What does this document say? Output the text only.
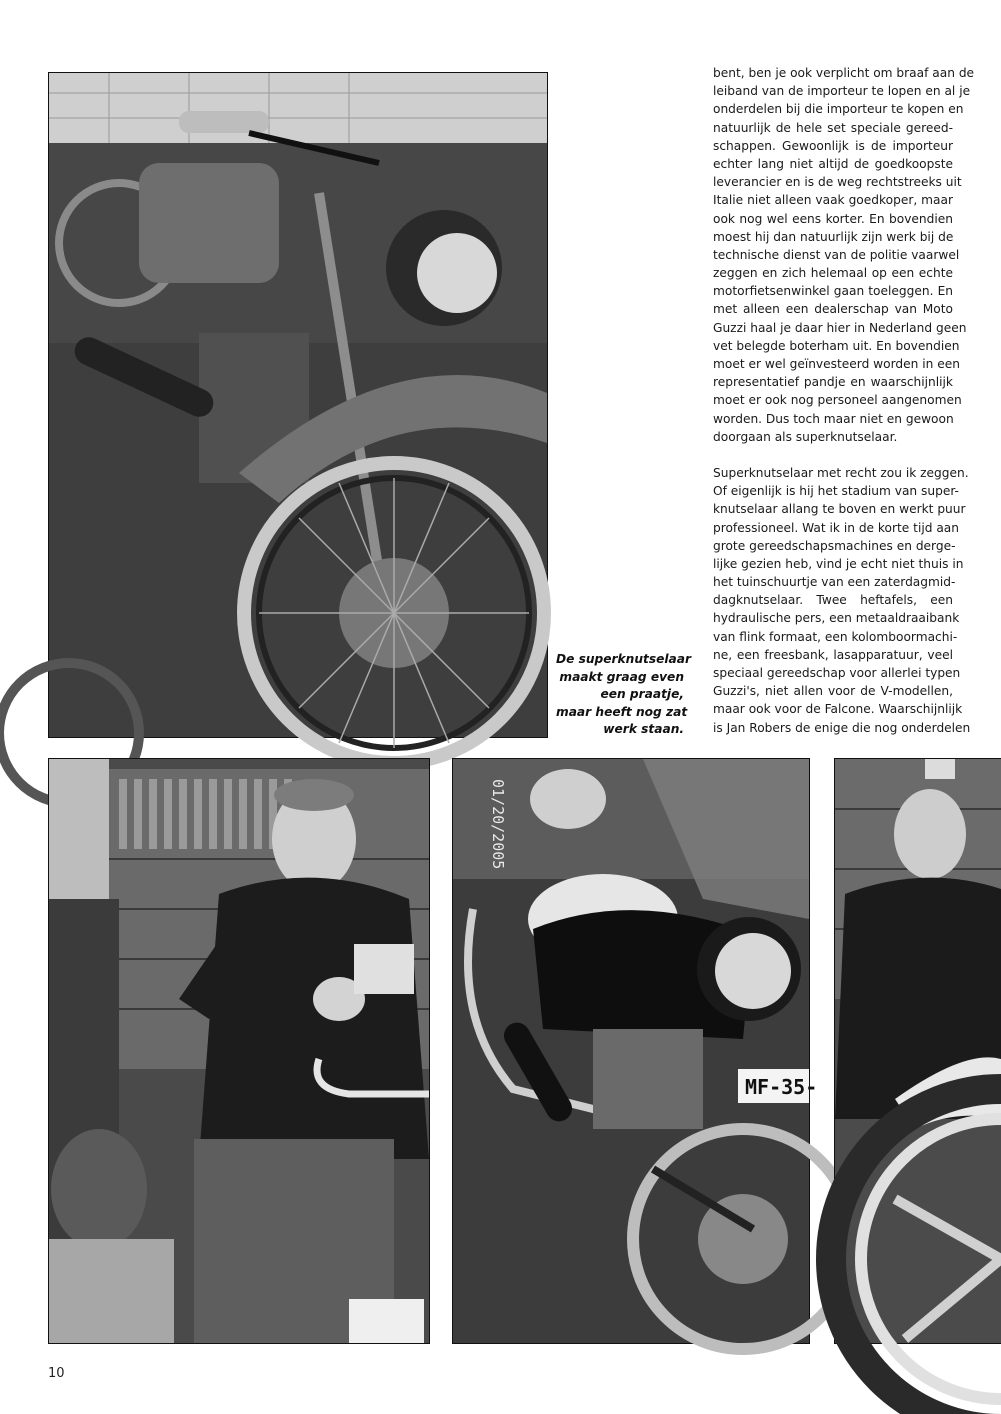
De superknutselaar
maakt graag even
een praatje,
maar heeft nog zat
werk staan.

bent, ben je ook verplicht om braaf aan de
leiband van de importeur te lopen en al je
onderdelen bij die importeur te kopen en
natuurlijk de hele set speciale gereed-
schappen. Gewoonlijk is de importeur
echter lang niet altijd de goedkoopste
leverancier en is de weg rechtstreeks uit
Italie niet alleen vaak goedkoper, maar
ook nog wel eens korter. En bovendien
moest hij dan natuurlijk zijn werk bij de
technische dienst van de politie vaarwel
zeggen en zich helemaal op een echte
motorfietsenwinkel gaan toeleggen. En
met alleen een dealerschap van Moto
Guzzi haal je daar hier in Nederland geen
vet belegde boterham uit. En bovendien
moet er wel geïnvesteerd worden in een
representatief pandje en waarschijnlijk
moet er ook nog personeel aangenomen
worden. Dus toch maar niet en gewoon
doorgaan als superknutselaar.

Superknutselaar met recht zou ik zeggen.
Of eigenlijk is hij het stadium van super-
knutselaar allang te boven en werkt puur
professioneel. Wat ik in de korte tijd aan
grote gereedschapsmachines en derge-
lijke gezien heb, vind je echt niet thuis in
het tuinschuurtje van een zaterdagmid-
dagknutselaar. Twee heftafels, een
hydraulische pers, een metaaldraaibank
van flink formaat, een kolomboormachi-
ne, een freesbank, lasapparatuur, veel
speciaal gereedschap voor allerlei typen
Guzzi's, niet allen voor de V-modellen,
maar ook voor de Falcone. Waarschijnlijk
is Jan Robers de enige die nog onderdelen

MF-35-
01/20/2005
10
